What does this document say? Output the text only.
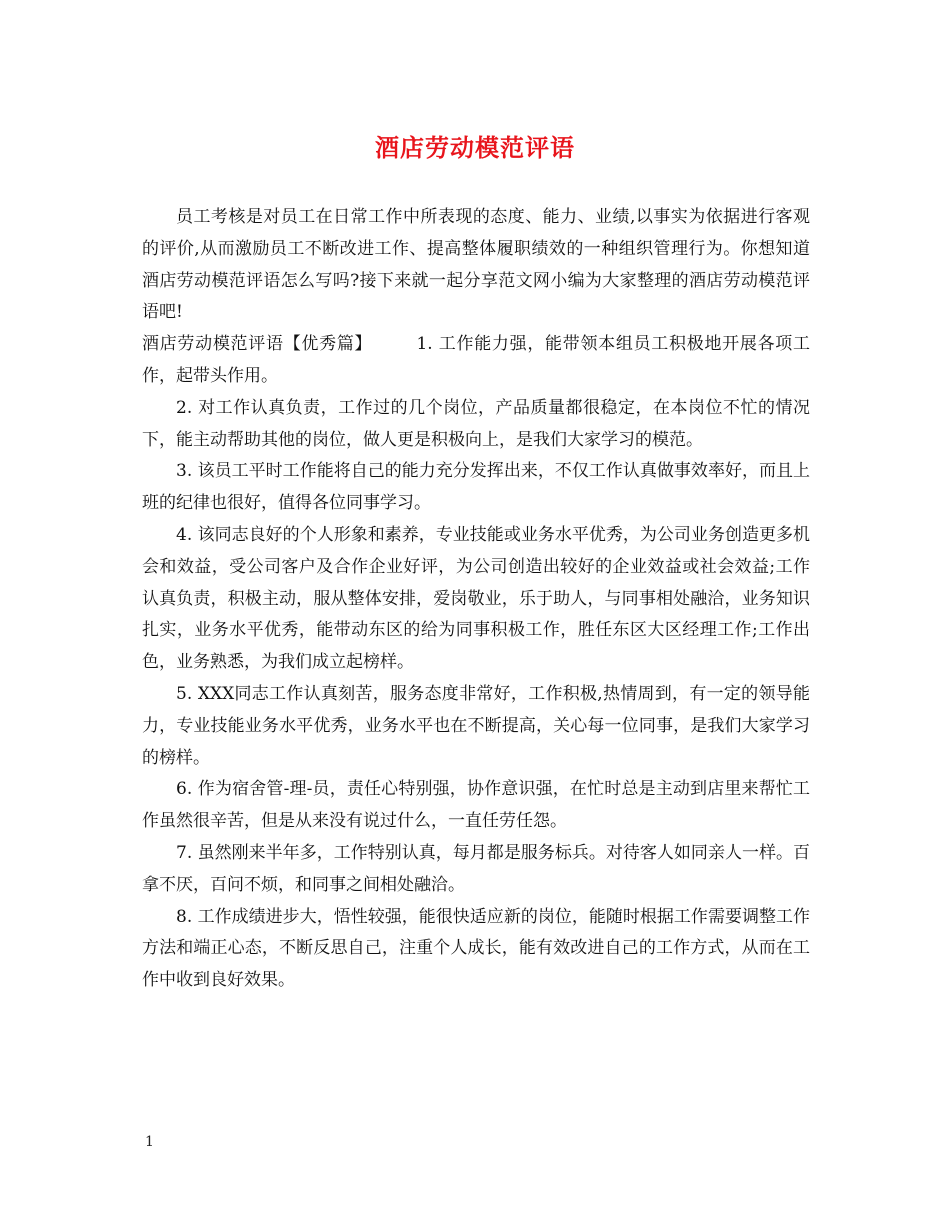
酒店劳动模范评语

员工考核是对员工在日常工作中所表现的态度、能力、业绩,以事实为依据进行客观的评价,从而激励员工不断改进工作、提高整体履职绩效的一种组织管理行为。你想知道酒店劳动模范评语怎么写吗?接下来就一起分享范文网小编为大家整理的酒店劳动模范评语吧!

酒店劳动模范评语【优秀篇】	1. 工作能力强，能带领本组员工积极地开展各项工作，起带头作用。

2. 对工作认真负责，工作过的几个岗位，产品质量都很稳定，在本岗位不忙的情况下，能主动帮助其他的岗位，做人更是积极向上，是我们大家学习的模范。

3. 该员工平时工作能将自己的能力充分发挥出来，不仅工作认真做事效率好，而且上班的纪律也很好，值得各位同事学习。

4. 该同志良好的个人形象和素养，专业技能或业务水平优秀，为公司业务创造更多机会和效益，受公司客户及合作企业好评，为公司创造出较好的企业效益或社会效益;工作认真负责，积极主动，服从整体安排，爱岗敬业，乐于助人，与同事相处融洽，业务知识扎实，业务水平优秀，能带动东区的给为同事积极工作，胜任东区大区经理工作;工作出色，业务熟悉，为我们成立起榜样。

5. XXX同志工作认真刻苦，服务态度非常好，工作积极,热情周到，有一定的领导能力，专业技能业务水平优秀，业务水平也在不断提高，关心每一位同事，是我们大家学习的榜样。

6. 作为宿舍管-理-员，责任心特别强，协作意识强，在忙时总是主动到店里来帮忙工作虽然很辛苦，但是从来没有说过什么，一直任劳任怨。

7. 虽然刚来半年多，工作特别认真，每月都是服务标兵。对待客人如同亲人一样。百拿不厌，百问不烦，和同事之间相处融洽。

8. 工作成绩进步大，悟性较强，能很快适应新的岗位，能随时根据工作需要调整工作方法和端正心态，不断反思自己，注重个人成长，能有效改进自己的工作方式，从而在工作中收到良好效果。

1
